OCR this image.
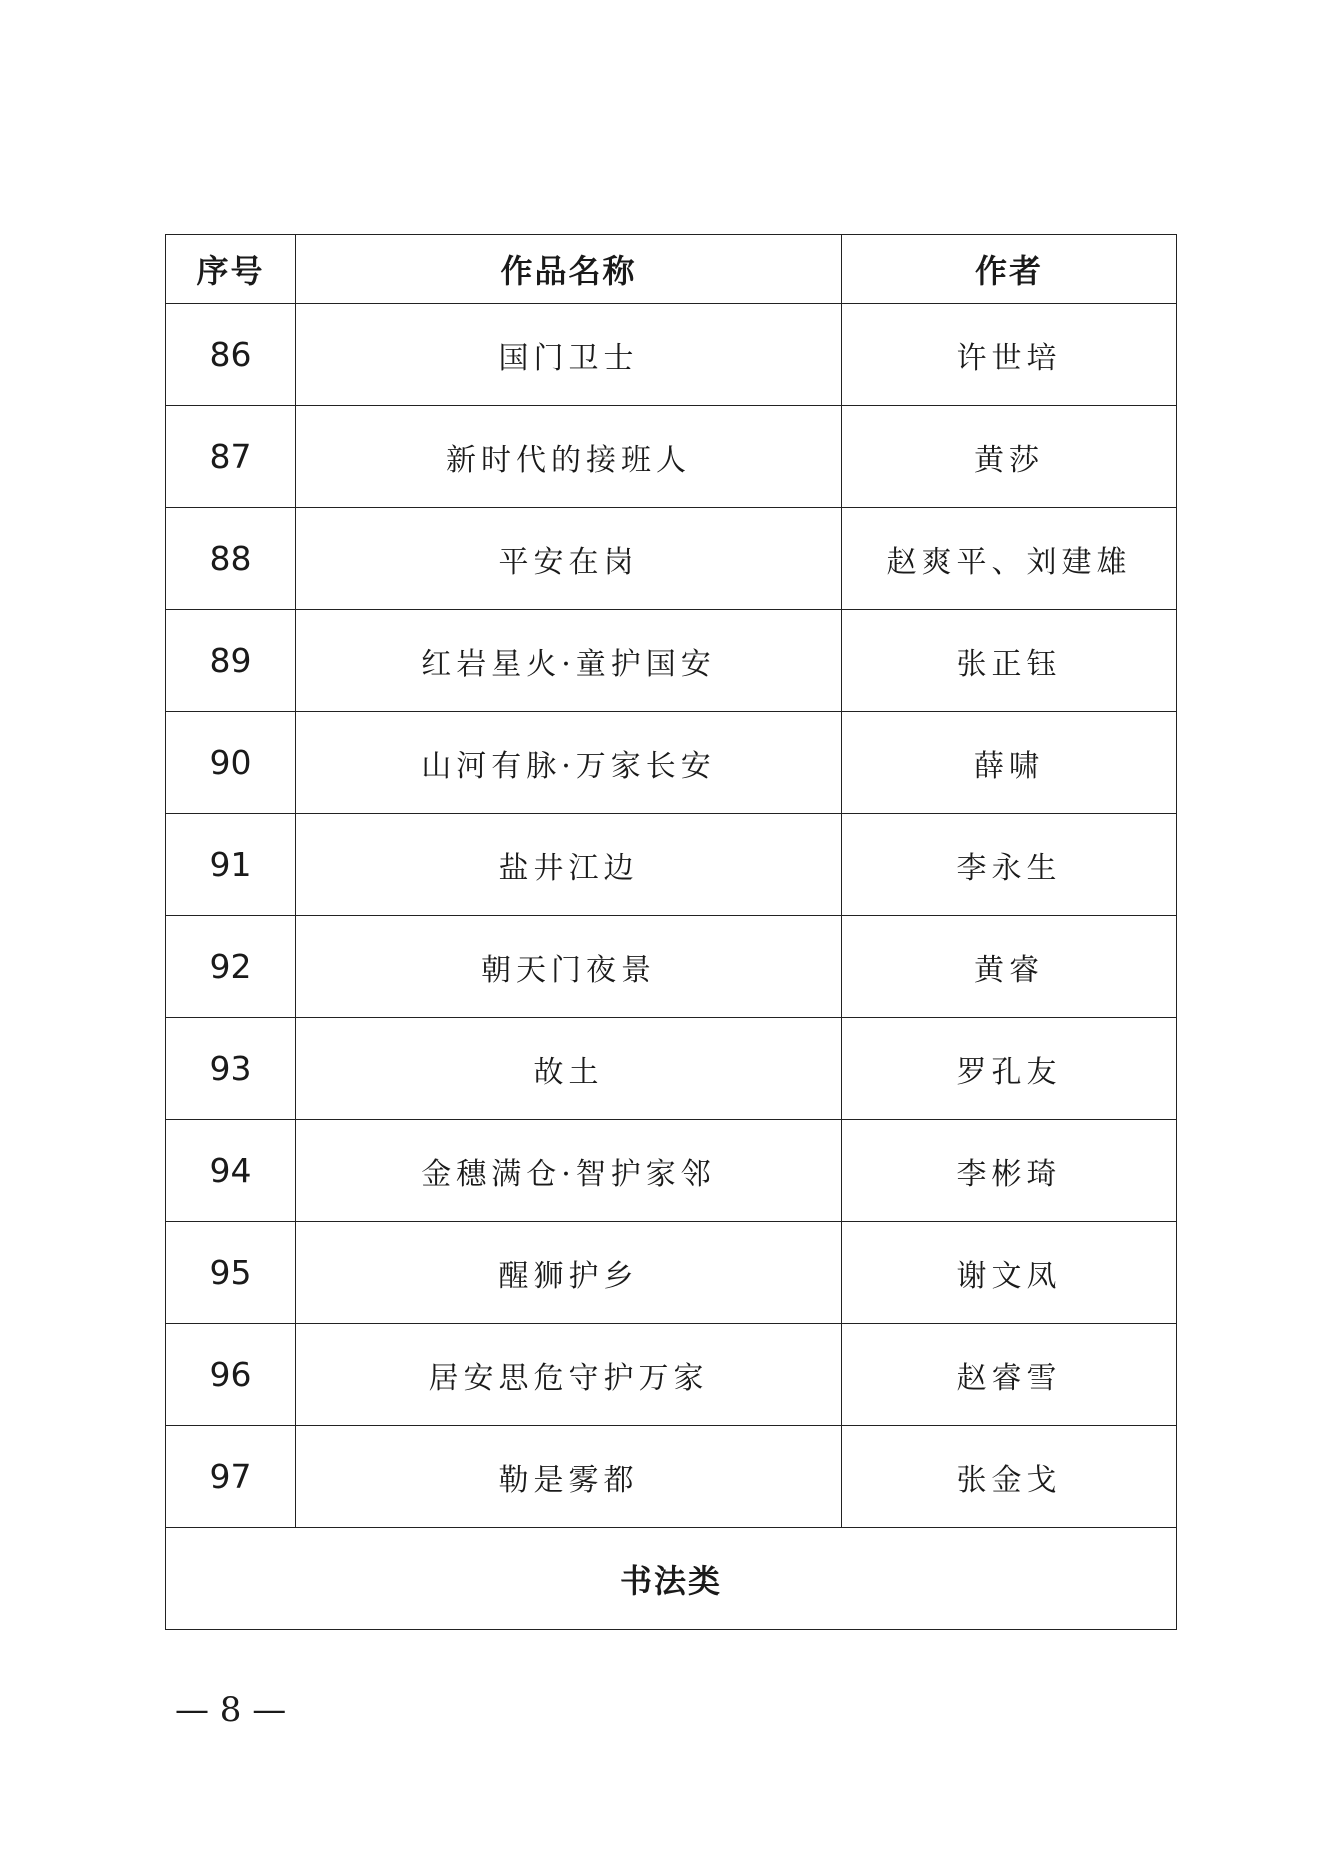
序号	作品名称	作者
86	国门卫士	许世培
87	新时代的接班人	黄莎
88	平安在岗	赵爽平、刘建雄
89	红岩星火·童护国安	张正钰
90	山河有脉·万家长安	薛啸
91	盐井江边	李永生
92	朝天门夜景	黄睿
93	故土	罗孔友
94	金穗满仓·智护家邻	李彬琦
95	醒狮护乡	谢文凤
96	居安思危守护万家	赵睿雪
97	勒是雾都	张金戈
书法类		
— 8 —
